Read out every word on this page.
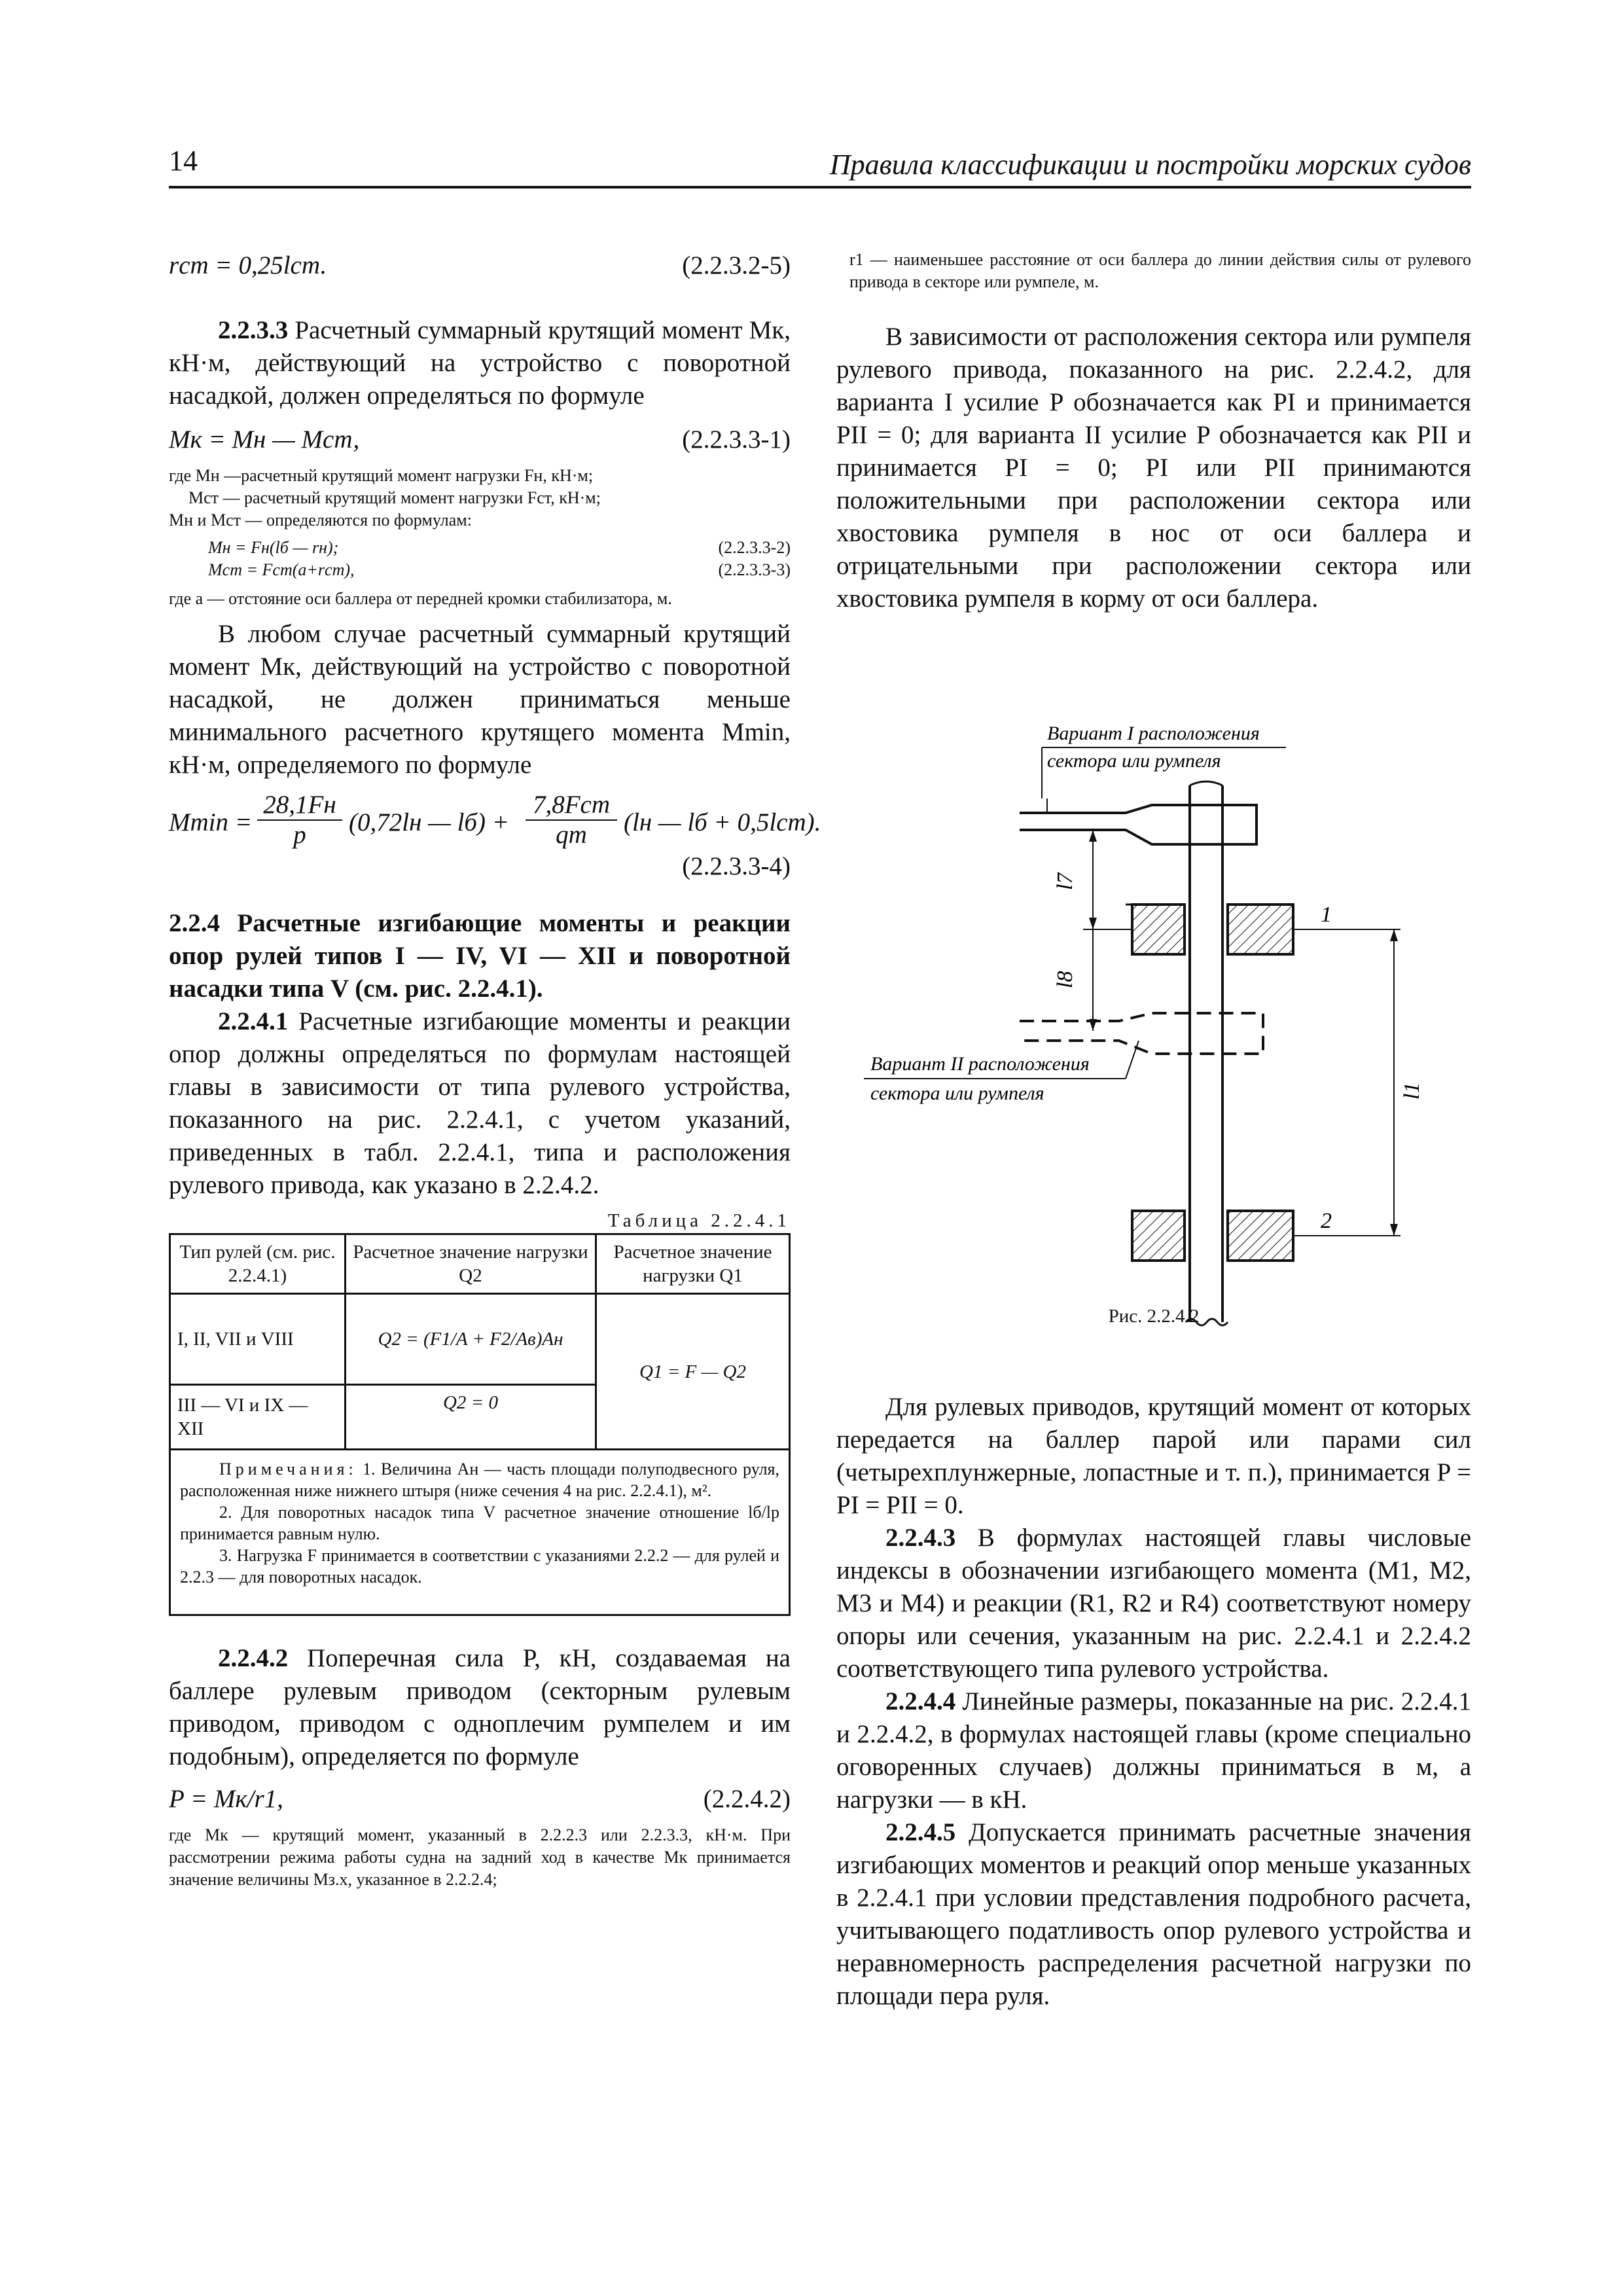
14	Правила классификации и постройки морских судов
rст = 0,25lст.	(2.2.3.2-5)

2.2.3.3 Расчетный суммарный крутящий момент Mк, кН·м, действующий на устройство с поворотной насадкой, должен определяться по формуле

Mк = Mн — Mст,	(2.2.3.3-1)
где Mн —расчетный крутящий момент нагрузки Fн, кН·м;
Mст — расчетный крутящий момент нагрузки Fст, кН·м;
Mн и Mст — определяются по формулам:
Mн = Fн(lб — rн);	(2.2.3.3-2)
Mст = Fст(a+rст),	(2.2.3.3-3)
где a — отстояние оси баллера от передней кромки стабилизатора, м.

В любом случае расчетный суммарный крутящий момент Mк, действующий на устройство с поворотной насадкой, не должен приниматься меньше минимального расчетного крутящего момента Mmin, кН·м, определяемого по формуле

Mmin =
28,1Fн
p	(0,72lн — lб) +
7,8Fст
qm	(lн — lб + 0,5lст).
(2.2.3.3-4)

2.2.4 Расчетные изгибающие моменты и реакции опор рулей типов I — IV, VI — XII и поворотной насадки типа V (см. рис. 2.2.4.1).

2.2.4.1 Расчетные изгибающие моменты и реакции опор должны определяться по формулам настоящей главы в зависимости от типа рулевого устройства, показанного на рис. 2.2.4.1, с учетом указаний, приведенных в табл. 2.2.4.1, типа и расположения рулевого привода, как указано в 2.2.4.2.

Таблица 2.2.4.1
Тип рулей (см. рис. 2.2.4.1)	Расчетное значение нагрузки Q2	Расчетное значение нагрузки Q1
I, II, VII и VIII	Q2 = (F1/A + F2/Aв)Aн	Q1 = F — Q2
III — VI и IX — XII	Q2 = 0	

Примечания: 1. Величина Aн — часть площади полуподвесного руля, расположенная ниже нижнего штыря (ниже сечения 4 на рис. 2.2.4.1), м².
2. Для поворотных насадок типа V расчетное значение отношение lб/lр принимается равным нулю.
3. Нагрузка F принимается в соответствии с указаниями 2.2.2 — для рулей и 2.2.3 — для поворотных насадок.		

2.2.4.2 Поперечная сила P, кН, создаваемая на баллере рулевым приводом (секторным рулевым приводом, приводом с одноплечим румпелем и им подобным), определяется по формуле

P = Mк/r1,	(2.2.4.2)
где Mк — крутящий момент, указанный в 2.2.2.3 или 2.2.3.3, кН·м. При рассмотрении режима работы судна на задний ход в качестве Mк принимается значение величины Mз.х, указанное в 2.2.2.4;
r1 — наименьшее расстояние от оси баллера до линии действия силы от рулевого привода в секторе или румпеле, м.

В зависимости от расположения сектора или румпеля рулевого привода, показанного на рис. 2.2.4.2, для варианта I усилие P обозначается как PI и принимается PII = 0; для варианта II усилие P обозначается как PII и принимается PI = 0; PI или PII принимаются положительными при расположении сектора или хвостовика румпеля в нос от оси баллера и отрицательными при расположении сектора или хвостовика румпеля в корму от оси баллера.

l7
l8
l1
1
2
Вариант I расположения
сектора или румпеля
Вариант II расположения
сектора или румпеля
Рис. 2.2.4.2

Для рулевых приводов, крутящий момент от которых передается на баллер парой или парами сил (четырехплунжерные, лопастные и т. п.), принимается P = PI = PII = 0.

2.2.4.3 В формулах настоящей главы числовые индексы в обозначении изгибающего момента (M1, M2, M3 и M4) и реакции (R1, R2 и R4) соответствуют номеру опоры или сечения, указанным на рис. 2.2.4.1 и 2.2.4.2 соответствующего типа рулевого устройства.

2.2.4.4 Линейные размеры, показанные на рис. 2.2.4.1 и 2.2.4.2, в формулах настоящей главы (кроме специально оговоренных случаев) должны приниматься в м, а нагрузки — в кН.

2.2.4.5 Допускается принимать расчетные значения изгибающих моментов и реакций опор меньше указанных в 2.2.4.1 при условии представления подробного расчета, учитывающего податливость опор рулевого устройства и неравномерность распределения расчетной нагрузки по площади пера руля.
